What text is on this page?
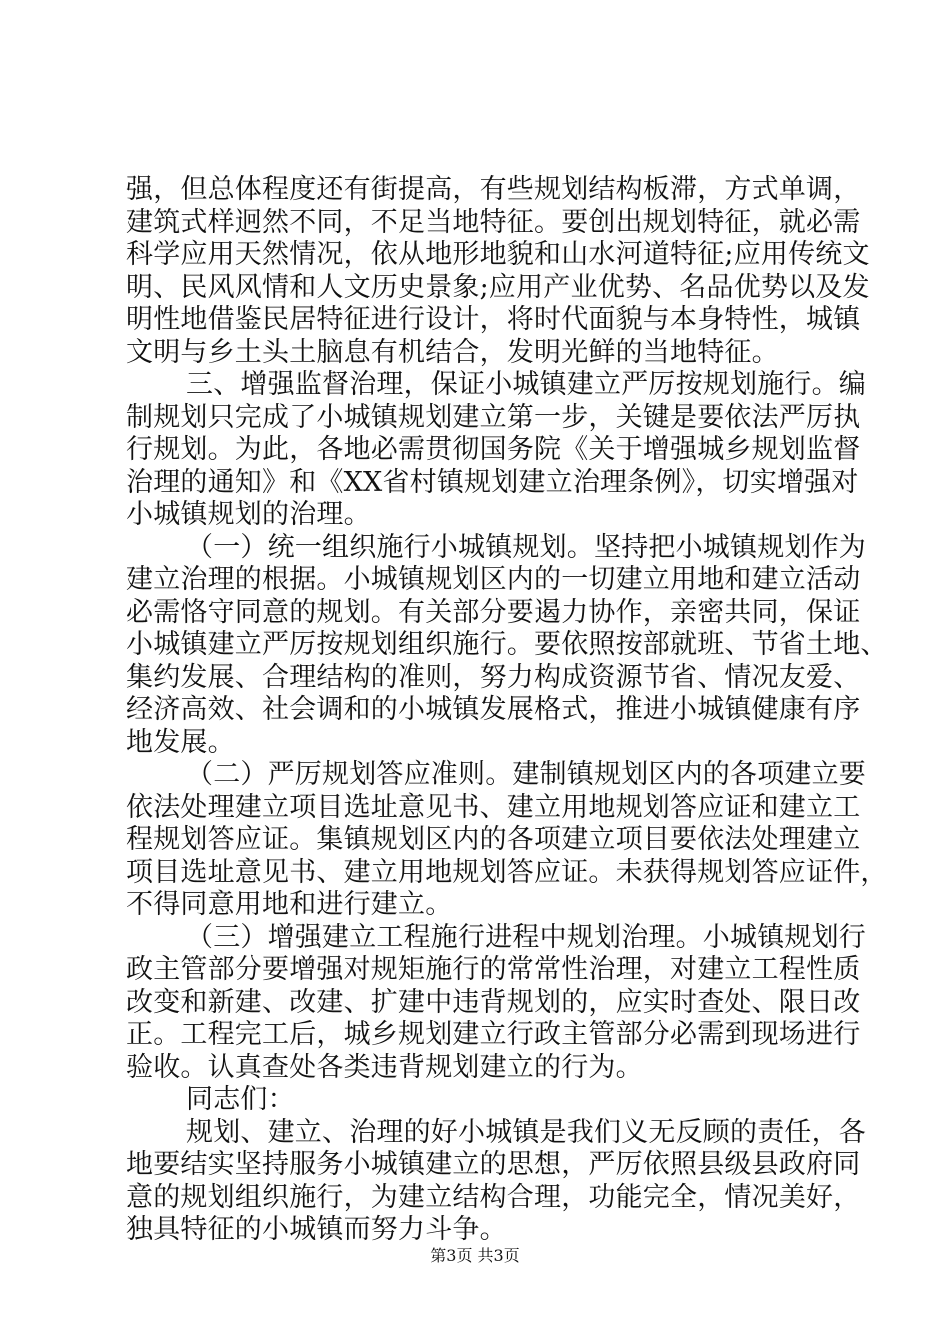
强，但总体程度还有街提高，有些规划结构板滞，方式单调，
建筑式样迥然不同，不足当地特征。要创出规划特征，就必需
科学应用天然情况，依从地形地貌和山水河道特征;应用传统文
明、民风风情和人文历史景象;应用产业优势、名品优势以及发
明性地借鉴民居特征进行设计，将时代面貌与本身特性，城镇
文明与乡土头土脑息有机结合，发明光鲜的当地特征。
三、增强监督治理，保证小城镇建立严厉按规划施行。编
制规划只完成了小城镇规划建立第一步，关键是要依法严厉执
行规划。为此，各地必需贯彻国务院《关于增强城乡规划监督
治理的通知》和《XX省村镇规划建立治理条例》，切实增强对
小城镇规划的治理。
（一）统一组织施行小城镇规划。坚持把小城镇规划作为
建立治理的根据。小城镇规划区内的一切建立用地和建立活动
必需恪守同意的规划。有关部分要遏力协作，亲密共同，保证
小城镇建立严厉按规划组织施行。要依照按部就班、节省土地、
集约发展、合理结构的准则，努力构成资源节省、情况友爱、
经济高效、社会调和的小城镇发展格式，推进小城镇健康有序
地发展。
（二）严厉规划答应准则。建制镇规划区内的各项建立要
依法处理建立项目选址意见书、建立用地规划答应证和建立工
程规划答应证。集镇规划区内的各项建立项目要依法处理建立
项目选址意见书、建立用地规划答应证。未获得规划答应证件，
不得同意用地和进行建立。
（三）增强建立工程施行进程中规划治理。小城镇规划行
政主管部分要增强对规矩施行的常常性治理，对建立工程性质
改变和新建、改建、扩建中违背规划的，应实时查处、限日改
正。工程完工后，城乡规划建立行政主管部分必需到现场进行
验收。认真查处各类违背规划建立的行为。
同志们：
规划、建立、治理的好小城镇是我们义无反顾的责任，各
地要结实坚持服务小城镇建立的思想，严厉依照县级县政府同
意的规划组织施行，为建立结构合理，功能完全，情况美好，
独具特征的小城镇而努力斗争。
第3页 共3页
